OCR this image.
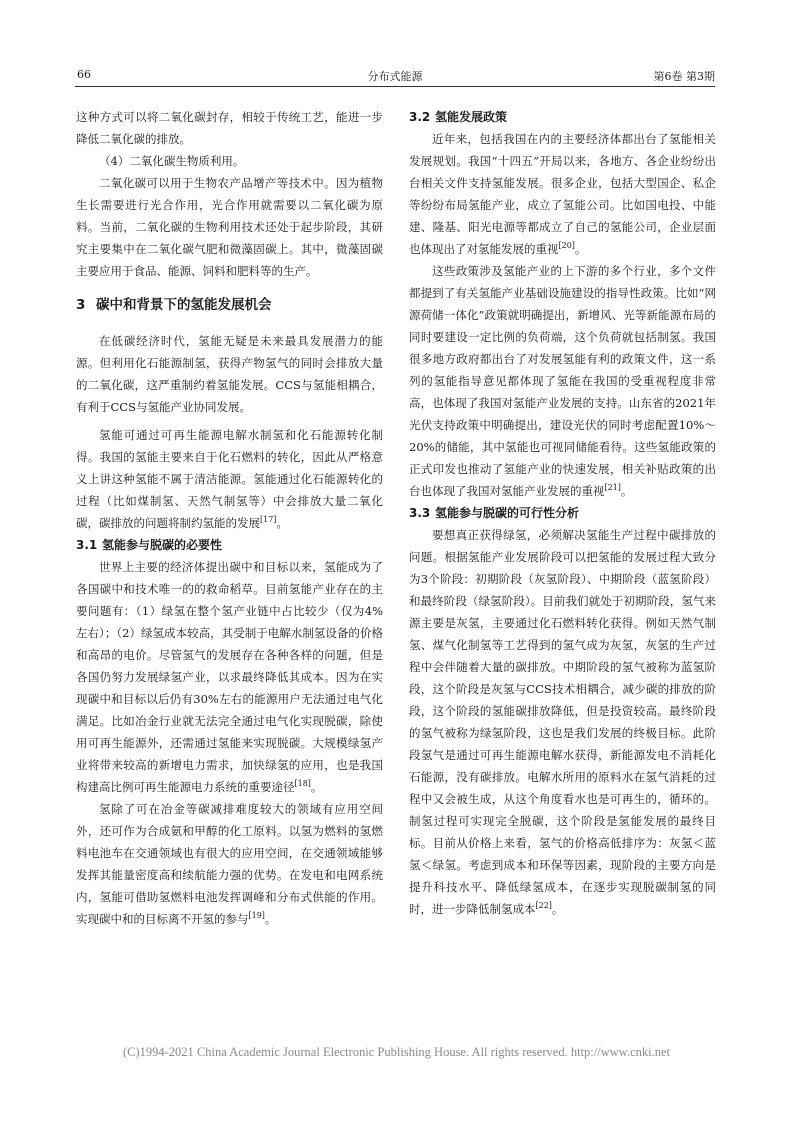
66	分布式能源	第6卷 第3期

这种方式可以将二氧化碳封存，相较于传统工艺，能进一步降低二氧化碳的排放。

（4）二氧化碳生物质利用。

二氧化碳可以用于生物农产品增产等技术中。因为植物生长需要进行光合作用，光合作用就需要以二氧化碳为原料。当前，二氧化碳的生物利用技术还处于起步阶段，其研究主要集中在二氧化碳气肥和微藻固碳上。其中，微藻固碳主要应用于食品、能源、饲料和肥料等的生产。

3 碳中和背景下的氢能发展机会

在低碳经济时代，氢能无疑是未来最具发展潜力的能源。但利用化石能源制氢，获得产物氢气的同时会排放大量的二氧化碳，这严重制约着氢能发展。CCS与氢能相耦合，有利于CCS与氢能产业协同发展。

氢能可通过可再生能源电解水制氢和化石能源转化制得。我国的氢能主要来自于化石燃料的转化，因此从严格意义上讲这种氢能不属于清洁能源。氢能通过化石能源转化的过程（比如煤制氢、天然气制氢等）中会排放大量二氧化碳，碳排放的问题将制约氢能的发展[17]。

3.1 氢能参与脱碳的必要性

世界上主要的经济体提出碳中和目标以来，氢能成为了各国碳中和技术唯一的的救命稻草。目前氢能产业存在的主要问题有：（1）绿氢在整个氢产业链中占比较少（仅为4%左右）；（2）绿氢成本较高，其受制于电解水制氢设备的价格和高昂的电价。尽管氢气的发展存在各种各样的问题，但是各国仍努力发展绿氢产业，以求最终降低其成本。因为在实现碳中和目标以后仍有30%左右的能源用户无法通过电气化满足。比如冶金行业就无法完全通过电气化实现脱碳，除使用可再生能源外，还需通过氢能来实现脱碳。大规模绿氢产业将带来较高的新增电力需求，加快绿氢的应用，也是我国构建高比例可再生能源电力系统的重要途径[18]。

氢除了可在冶金等碳减排难度较大的领域有应用空间外，还可作为合成氨和甲醇的化工原料。以氢为燃料的氢燃料电池车在交通领域也有很大的应用空间，在交通领域能够发挥其能量密度高和续航能力强的优势。在发电和电网系统内，氢能可借助氢燃料电池发挥调峰和分布式供能的作用。实现碳中和的目标离不开氢的参与[19]。

3.2 氢能发展政策

近年来，包括我国在内的主要经济体都出台了氢能相关发展规划。我国“十四五”开局以来，各地方、各企业纷纷出台相关文件支持氢能发展。很多企业，包括大型国企、私企等纷纷布局氢能产业，成立了氢能公司。比如国电投、中能建、隆基、阳光电源等都成立了自己的氢能公司，企业层面也体现出了对氢能发展的重视[20]。

这些政策涉及氢能产业的上下游的多个行业，多个文件都提到了有关氢能产业基础设施建设的指导性政策。比如“网源荷储一体化”政策就明确提出，新增风、光等新能源布局的同时要建设一定比例的负荷端，这个负荷就包括制氢。我国很多地方政府都出台了对发展氢能有利的政策文件，这一系列的氢能指导意见都体现了氢能在我国的受重视程度非常高，也体现了我国对氢能产业发展的支持。山东省的2021年光伏支持政策中明确提出，建设光伏的同时考虑配置10%～20%的储能，其中氢能也可视同储能看待。这些氢能政策的正式印发也推动了氢能产业的快速发展，相关补贴政策的出台也体现了我国对氢能产业发展的重视[21]。

3.3 氢能参与脱碳的可行性分析

要想真正获得绿氢，必须解决氢能生产过程中碳排放的问题。根据氢能产业发展阶段可以把氢能的发展过程大致分为3个阶段：初期阶段（灰氢阶段）、中期阶段（蓝氢阶段）和最终阶段（绿氢阶段）。目前我们就处于初期阶段，氢气来源主要是灰氢，主要通过化石燃料转化获得。例如天然气制氢、煤气化制氢等工艺得到的氢气成为灰氢，灰氢的生产过程中会伴随着大量的碳排放。中期阶段的氢气被称为蓝氢阶段，这个阶段是灰氢与CCS技术相耦合，减少碳的排放的阶段，这个阶段的氢能碳排放降低，但是投资较高。最终阶段的氢气被称为绿氢阶段，这也是我们发展的终极目标。此阶段氢气是通过可再生能源电解水获得，新能源发电不消耗化石能源，没有碳排放。电解水所用的原料水在氢气消耗的过程中又会被生成，从这个角度看水也是可再生的，循环的。制氢过程可实现完全脱碳，这个阶段是氢能发展的最终目标。目前从价格上来看，氢气的价格高低排序为：灰氢＜蓝氢＜绿氢。考虑到成本和环保等因素，现阶段的主要方向是提升科技水平、降低绿氢成本，在逐步实现脱碳制氢的同时，进一步降低制氢成本[22]。

(C)1994-2021 China Academic Journal Electronic Publishing House. All rights reserved. http://www.cnki.net
